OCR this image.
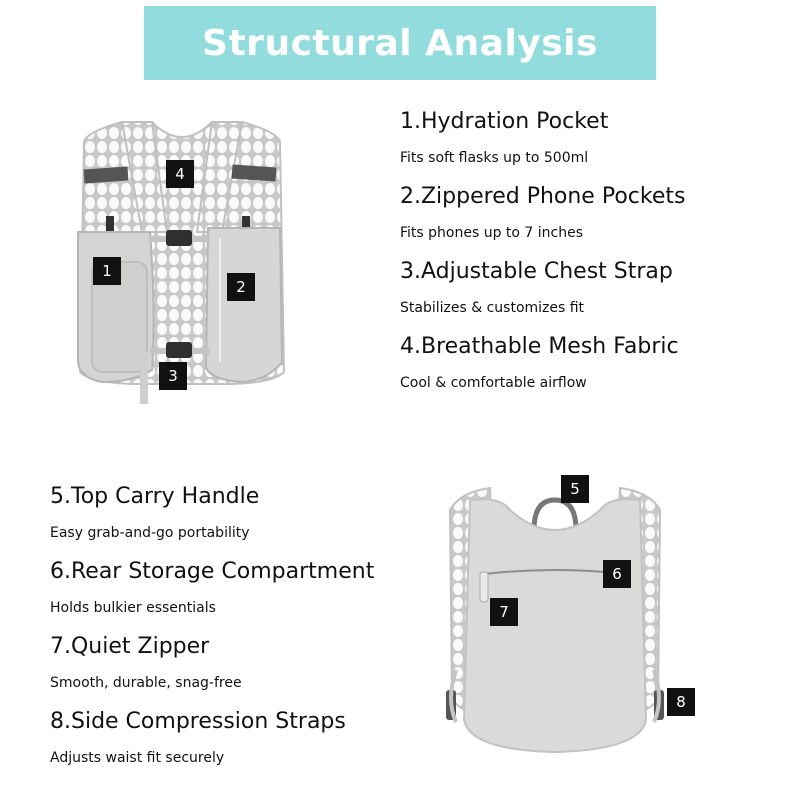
Structural Analysis
1
2
3
4
5
6
7
8
1.Hydration Pocket
Fits soft flasks up to 500ml
2.Zippered Phone Pockets
Fits phones up to 7 inches
3.Adjustable Chest Strap
Stabilizes & customizes fit
4.Breathable Mesh Fabric
Cool & comfortable airflow
5.Top Carry Handle
Easy grab-and-go portability
6.Rear Storage Compartment
Holds bulkier essentials
7.Quiet Zipper
Smooth, durable, snag-free
8.Side Compression Straps
Adjusts waist fit securely
